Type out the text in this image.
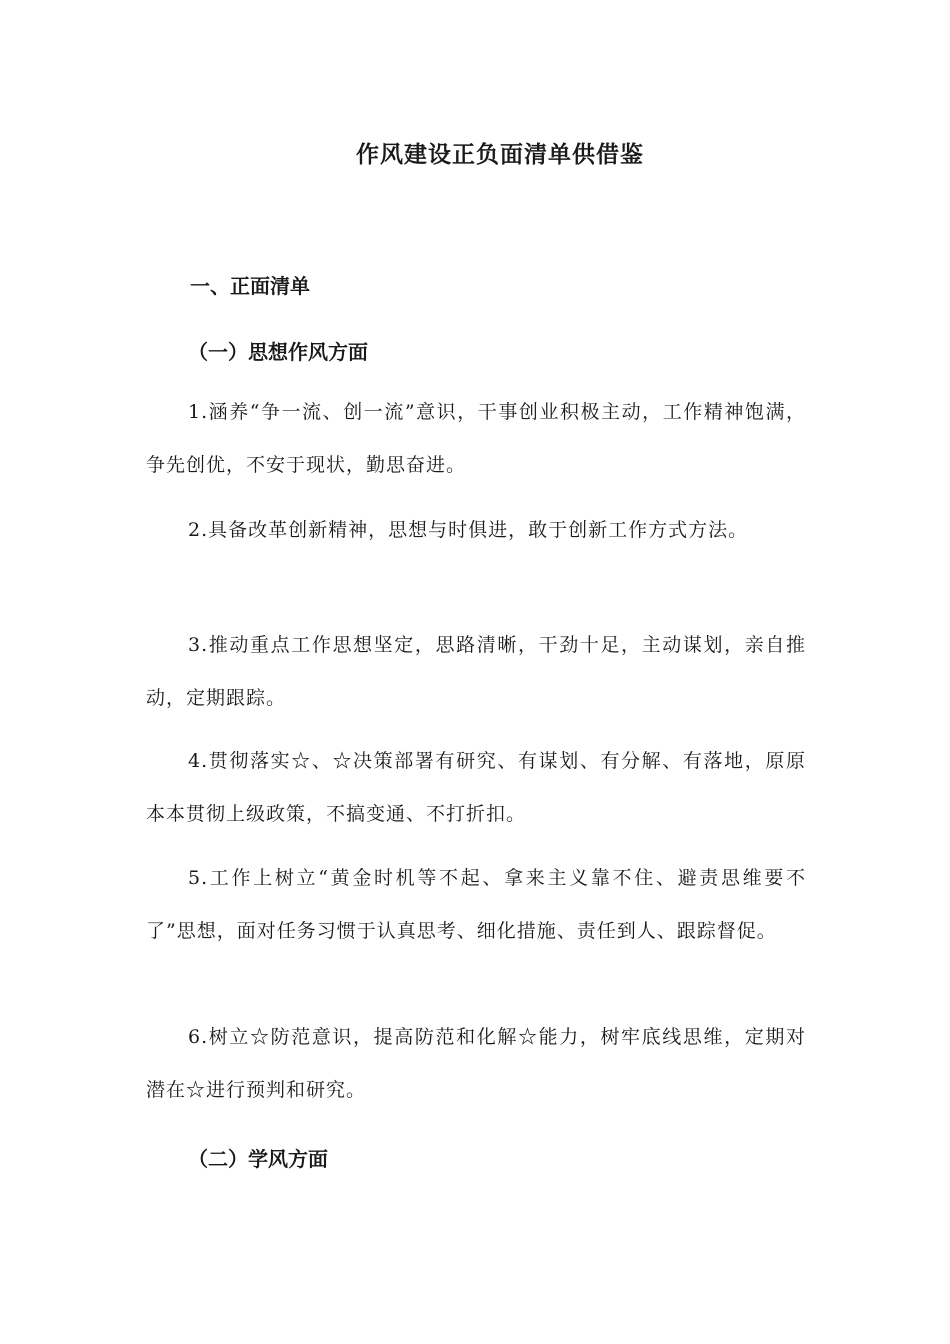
作风建设正负面清单供借鉴
一、正面清单
（一）思想作风方面
1.涵养“争一流、创一流”意识，干事创业积极主动，工作精神饱满，争先创优，不安于现状，勤思奋进。
2.具备改革创新精神，思想与时俱进，敢于创新工作方式方法。
3.推动重点工作思想坚定，思路清晰，干劲十足，主动谋划，亲自推动，定期跟踪。
4.贯彻落实☆、☆决策部署有研究、有谋划、有分解、有落地，原原本本贯彻上级政策，不搞变通、不打折扣。
5.工作上树立“黄金时机等不起、拿来主义靠不住、避责思维要不了”思想，面对任务习惯于认真思考、细化措施、责任到人、跟踪督促。
6.树立☆防范意识，提高防范和化解☆能力，树牢底线思维，定期对潜在☆进行预判和研究。
（二）学风方面
